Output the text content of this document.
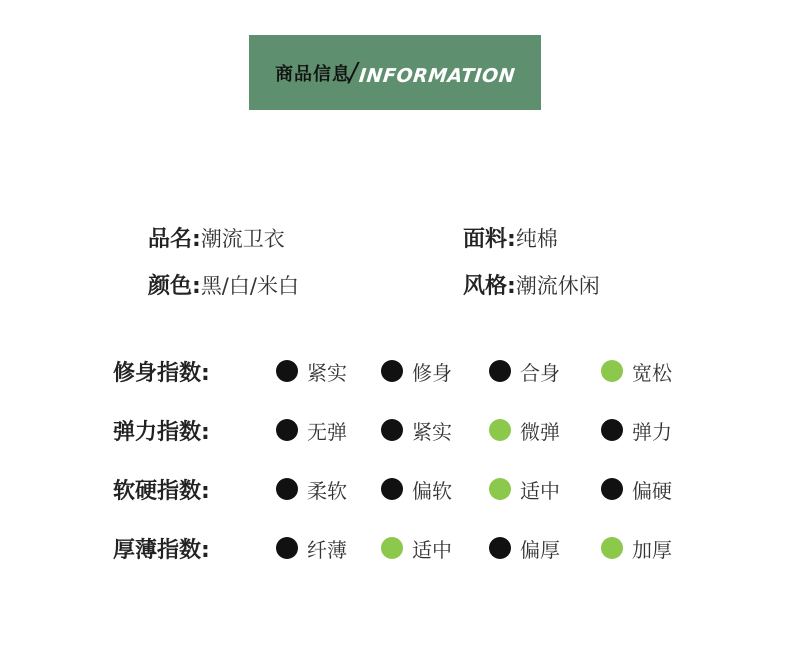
商品信息
/
INFORMATION
品名:潮流卫衣	面料:纯棉
颜色:黑/白/米白	风格:潮流休闲
修身指数:	紧实	修身	合身	宽松
弹力指数:	无弹	紧实	微弹	弹力
软硬指数:	柔软	偏软	适中	偏硬
厚薄指数:	纤薄	适中	偏厚	加厚
